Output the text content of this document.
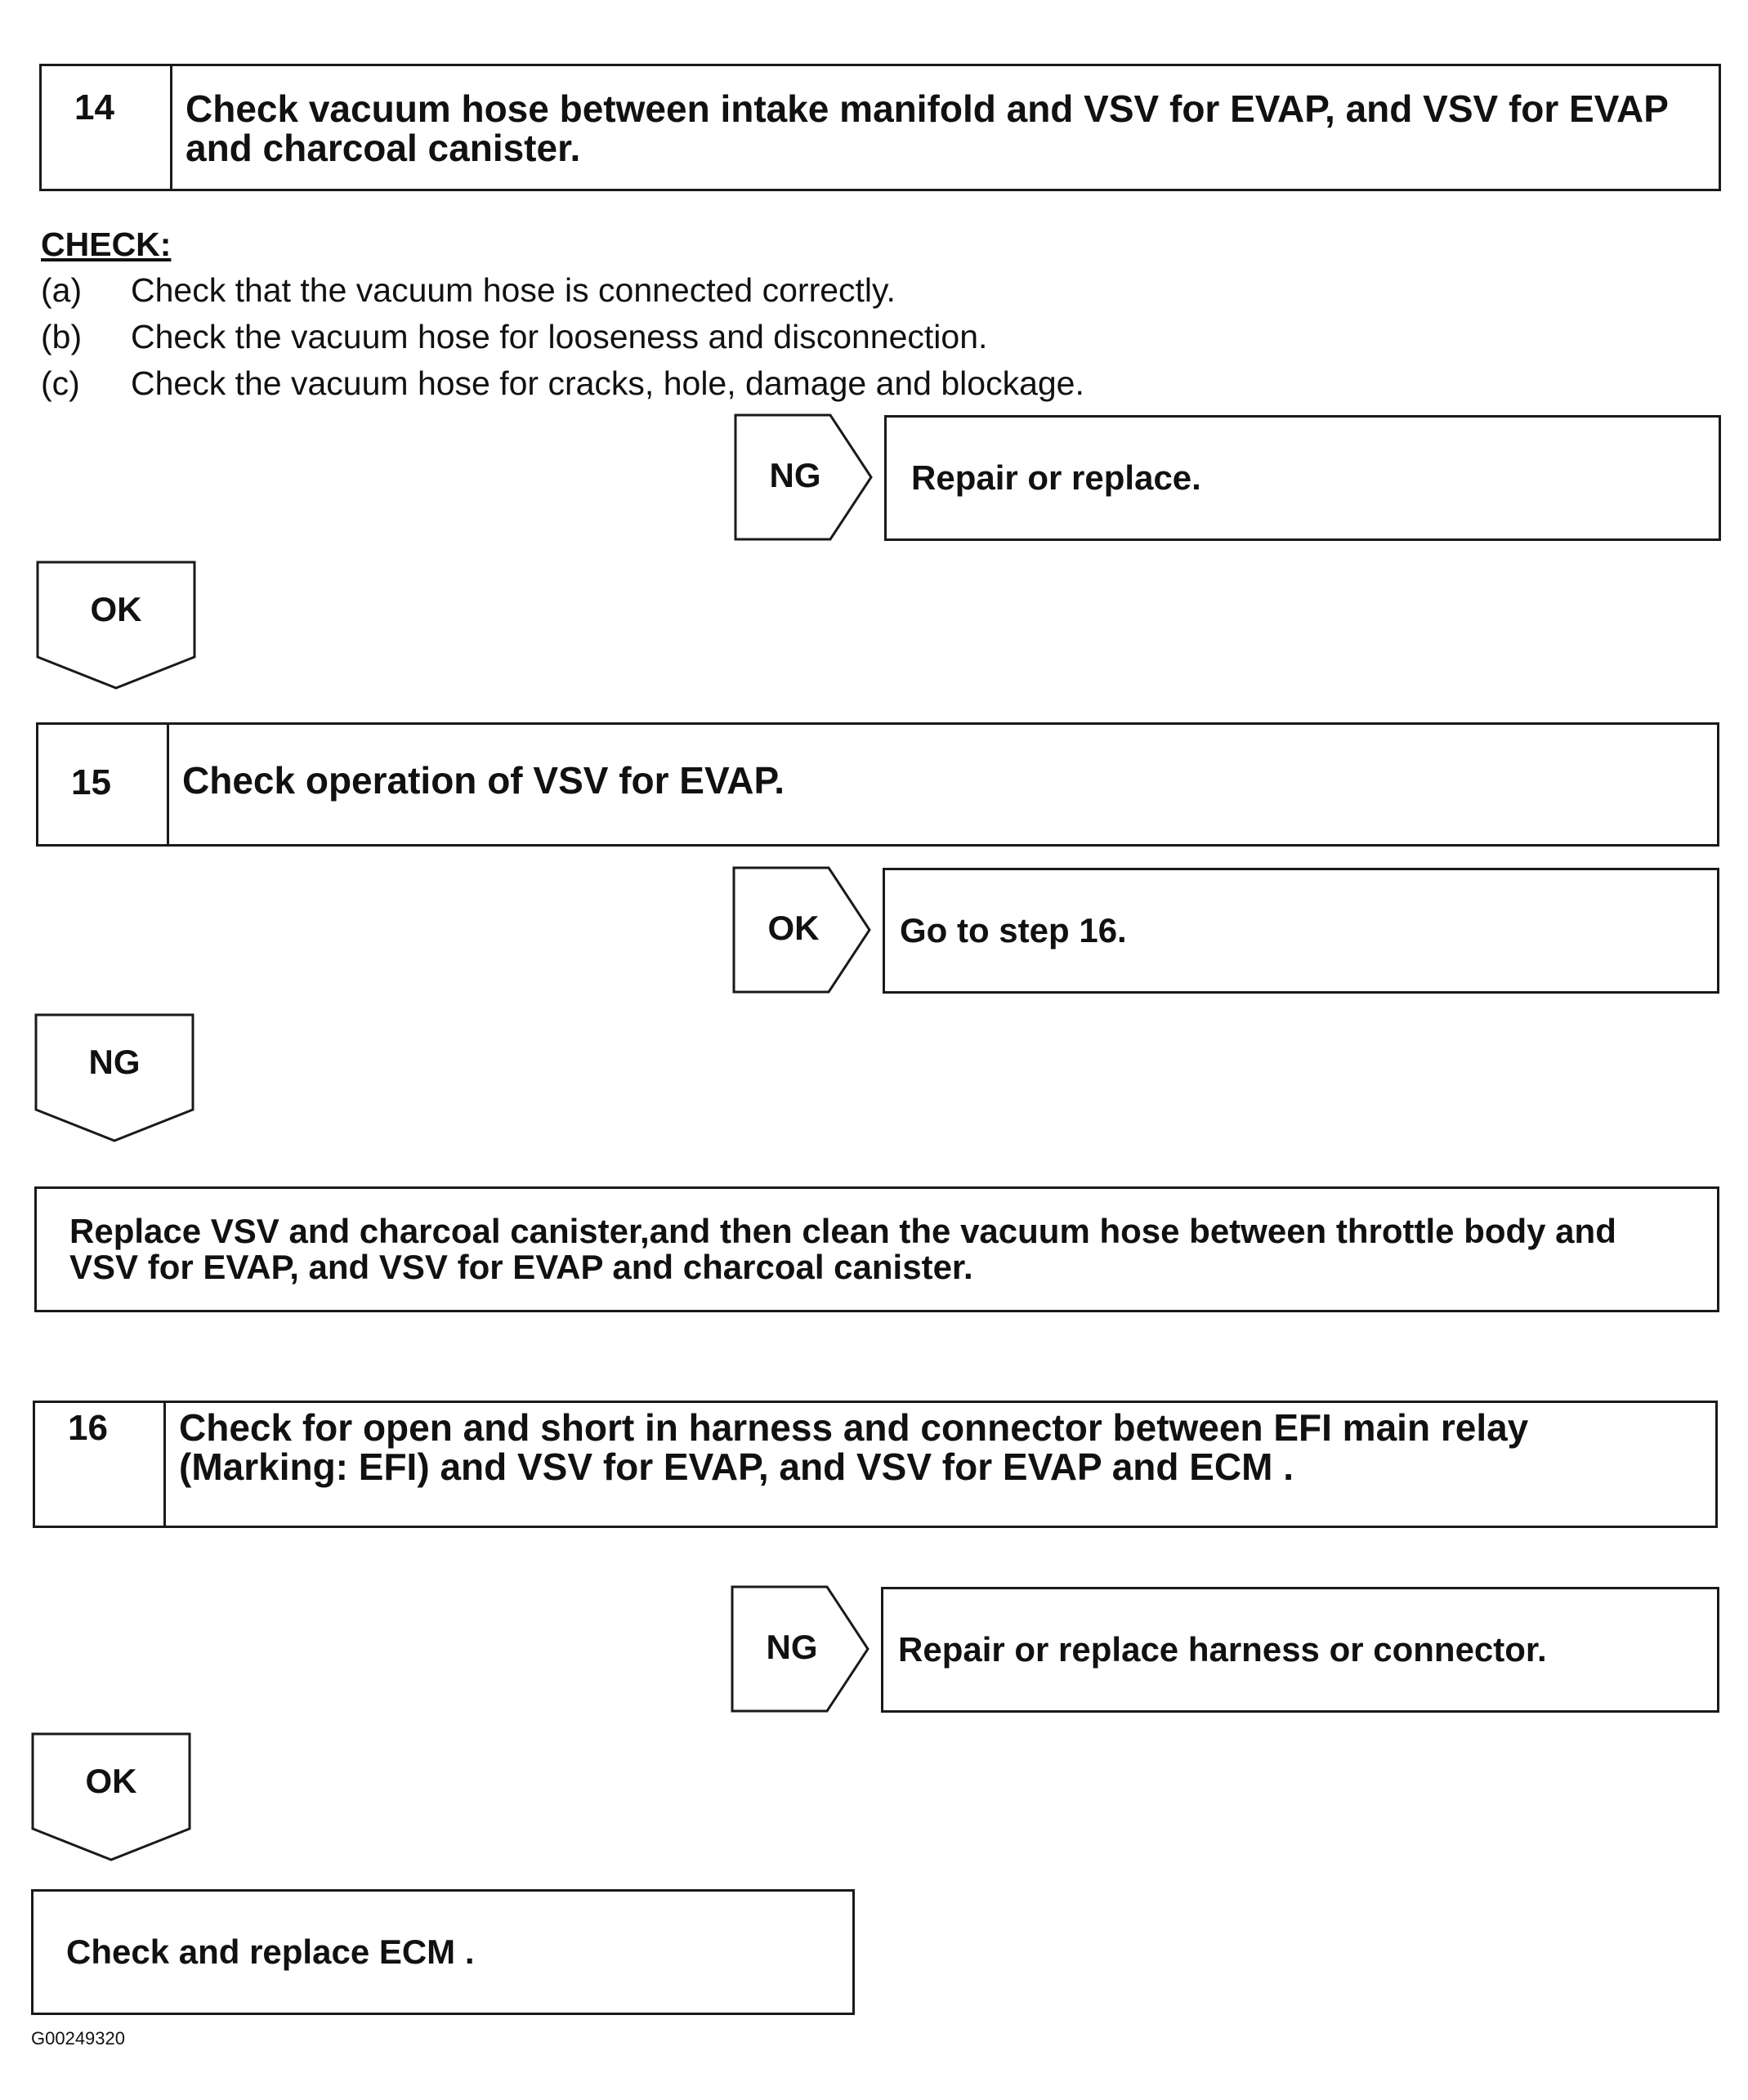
14	Check vacuum hose between intake manifold and VSV for EVAP, and VSV for EVAP and charcoal canister.
CHECK:
(a)	Check that the vacuum hose is connected correctly.
(b)	Check the vacuum hose for looseness and disconnection.
(c)	Check the vacuum hose for cracks, hole, damage and blockage.
NG	Repair or replace.
OK
15	Check operation of VSV for EVAP.
OK	Go to step 16.
NG
Replace VSV and charcoal canister,and then clean the vacuum hose between throttle body and VSV for EVAP, and VSV for EVAP and charcoal canister.
16	Check for open and short in harness and connector between EFI main relay (Marking: EFI) and VSV for EVAP, and VSV for EVAP and ECM .
NG	Repair or replace harness or connector.
OK
Check and replace ECM .
G00249320
